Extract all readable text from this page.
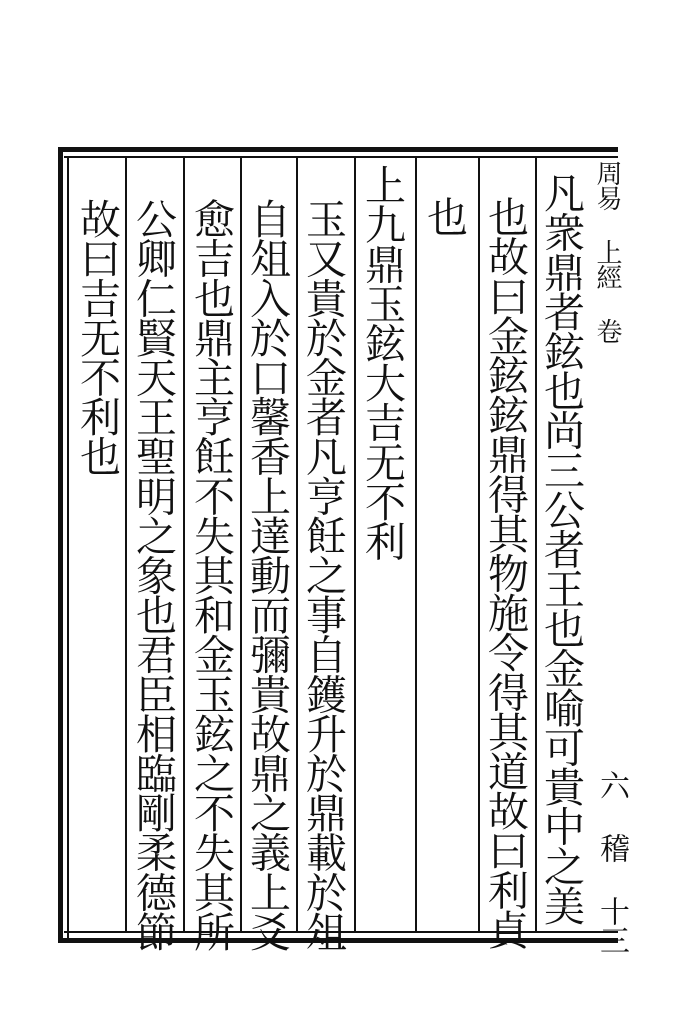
周易 上經 卷
六 稽 十三
凡衆鼎者鉉也尚三公者王也金喻可貴中之美
也故曰金鉉鉉鼎得其物施令得其道故曰利貞
也
上九鼎玉鉉大吉无不利
玉又貴於金者凡亨飪之事自鑊升於鼎載於俎
自俎入於口馨香上達動而彌貴故鼎之義上爻
愈吉也鼎主亨飪不失其和金玉鉉之不失其所
公卿仁賢天王聖明之象也君臣相臨剛柔德節
故曰吉无不利也
